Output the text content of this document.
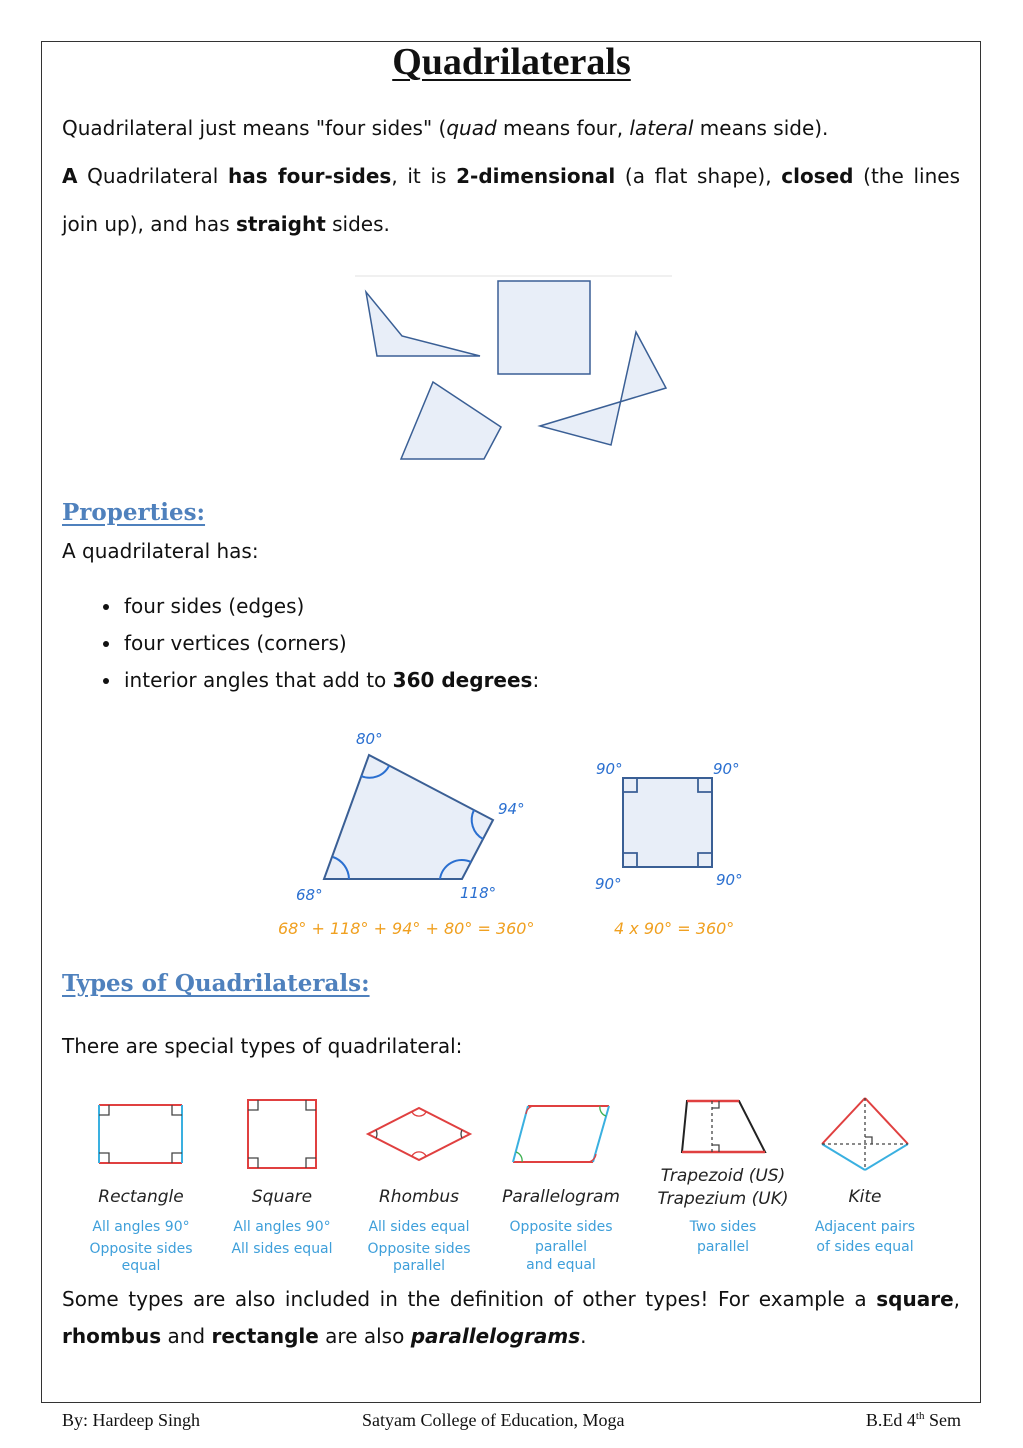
Quadrilaterals
Quadrilateral just means "four sides" (quad means four, lateral means side).
A Quadrilateral has four-sides, it is 2-dimensional (a flat shape), closed (the lines join up), and has straight sides.
Properties:
A quadrilateral has:
• four sides (edges)
• four vertices (corners)
• interior angles that add to 360 degrees:
80°
94°
68°	118°
68° + 118° + 94° + 80° = 360°
90°	90°
90°	90°
4 x 90° = 360°
Types of Quadrilaterals:
There are special types of quadrilateral:
Rectangle
All angles 90°
Opposite sides
equal
Square
All angles 90°
All sides equal
Rhombus
All sides equal
Opposite sides
parallel
Parallelogram
Opposite sides
parallel
and equal
Trapezoid (US)
Trapezium (UK)
Two sides
parallel
Kite
Adjacent pairs
of sides equal
Some types are also included in the definition of other types! For example a square, rhombus and rectangle are also parallelograms.
By: Hardeep Singh	Satyam College of Education, Moga	B.Ed 4th Sem
